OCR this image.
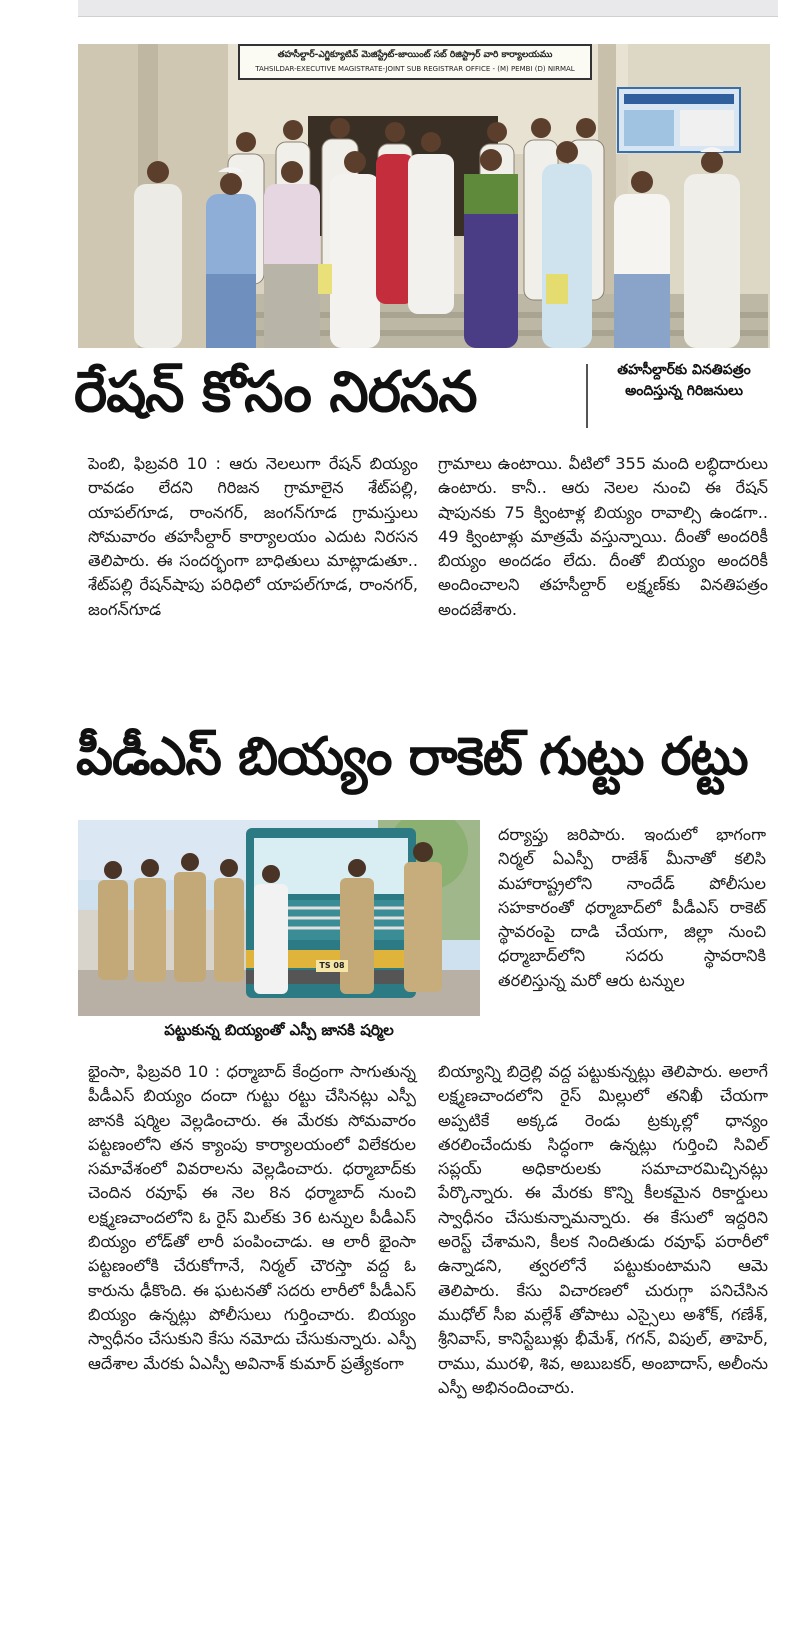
తహసీల్దార్-ఎగ్జిక్యూటివ్ మెజిస్ట్రేట్-జాయింట్ సబ్ రిజిస్ట్రార్ వారి కార్యాలయము
TAHSILDAR-EXECUTIVE MAGISTRATE-JOINT SUB REGISTRAR OFFICE - (M) PEMBI (D) NIRMAL
రేషన్ కోసం నిరసన	తహసీల్దార్‌కు వినతిపత్రం అందిస్తున్న గిరిజనులు
పెంబి, ఫిబ్రవరి 10 : ఆరు నెలలుగా రేషన్ బియ్యం రావడం లేదని గిరిజన గ్రామాలైన శేట్‌పల్లి, యాపల్‌గూడ, రాంనగర్, జంగన్‌గూడ గ్రామస్తులు సోమవారం తహసీల్దార్ కార్యాలయం ఎదుట నిరసన తెలిపారు. ఈ సందర్భంగా బాధితులు మాట్లాడుతూ.. శేట్‌పల్లి రేషన్‌షాపు పరిధిలో యాపల్‌గూడ, రాంనగర్, జంగన్‌గూడ
గ్రామాలు ఉంటాయి. వీటిలో 355 మంది లబ్ధిదారులు ఉంటారు. కానీ.. ఆరు నెలల నుంచి ఈ రేషన్ షాపునకు 75 క్వింటాళ్ల బియ్యం రావాల్సి ఉండగా.. 49 క్వింటాళ్లు మాత్రమే వస్తున్నాయి. దీంతో అందరికీ బియ్యం అందడం లేదు. దీంతో బియ్యం అందరికీ అందించాలని తహసీల్దార్ లక్ష్మణ్‌కు వినతిపత్రం అందజేశారు.
పీడీఎస్ బియ్యం రాకెట్ గుట్టు రట్టు
TS 08
పట్టుకున్న బియ్యంతో ఎస్పీ జానకి షర్మిల
దర్యాప్తు జరిపారు. ఇందులో భాగంగా నిర్మల్ ఏఎస్పీ రాజేశ్ మీనాతో కలిసి మహారాష్ట్రలోని నాందేడ్ పోలీసుల సహకారంతో ధర్మాబాద్‌లో పీడీఎస్ రాకెట్ స్థావరంపై దాడి చేయగా, జిల్లా నుంచి ధర్మాబాద్‌లోని సదరు స్థావరానికి తరలిస్తున్న మరో ఆరు టన్నుల
భైంసా, ఫిబ్రవరి 10 : ధర్మాబాద్ కేంద్రంగా సాగుతున్న పీడీఎస్ బియ్యం దందా గుట్టు రట్టు చేసినట్లు ఎస్పీ జానకి షర్మిల వెల్లడించారు. ఈ మేరకు సోమవారం పట్టణంలోని తన క్యాంపు కార్యాలయంలో విలేకరుల సమావేశంలో వివరాలను వెల్లడించారు. ధర్మాబాద్‌కు చెందిన రవూఫ్ ఈ నెల 8న ధర్మాబాద్ నుంచి లక్ష్మణచాందలోని ఓ రైస్ మిల్‌కు 36 టన్నుల పీడీఎస్ బియ్యం లోడ్‌తో లారీ పంపించాడు. ఆ లారీ భైంసా పట్టణంలోకి చేరుకోగానే, నిర్మల్ చౌరస్తా వద్ద ఓ కారును ఢీకొంది. ఈ ఘటనతో సదరు లారీలో పీడీఎస్ బియ్యం ఉన్నట్లు పోలీసులు గుర్తించారు. బియ్యం స్వాధీనం చేసుకుని కేసు నమోదు చేసుకున్నారు. ఎస్పీ ఆదేశాల మేరకు ఏఎస్పీ అవినాశ్ కుమార్ ప్రత్యేకంగా
బియ్యాన్ని బిద్రెల్లి వద్ద పట్టుకున్నట్లు తెలిపారు. అలాగే లక్ష్మణచాందలోని రైస్ మిల్లులో తనిఖీ చేయగా అప్పటికే అక్కడ రెండు ట్రక్కుల్లో ధాన్యం తరలించేందుకు సిద్ధంగా ఉన్నట్లు గుర్తించి సివిల్ సప్లయ్ అధికారులకు సమాచారమిచ్చినట్లు పేర్కొన్నారు. ఈ మేరకు కొన్ని కీలకమైన రికార్డులు స్వాధీనం చేసుకున్నామన్నారు. ఈ కేసులో ఇద్దరిని అరెస్ట్ చేశామని, కీలక నిందితుడు రవూఫ్ పరారీలో ఉన్నాడని, త్వరలోనే పట్టుకుంటామని ఆమె తెలిపారు. కేసు విచారణలో చురుగ్గా పనిచేసిన ముధోల్ సీఐ మల్లేశ్ తోపాటు ఎస్సైలు అశోక్, గణేశ్, శ్రీనివాస్, కానిస్టేబుళ్లు భీమేశ్, గగన్, విపుల్, తాహెర్, రాము, మురళి, శివ, అబుబకర్, అంబాదాస్, అలీంను ఎస్పీ అభినందించారు.
